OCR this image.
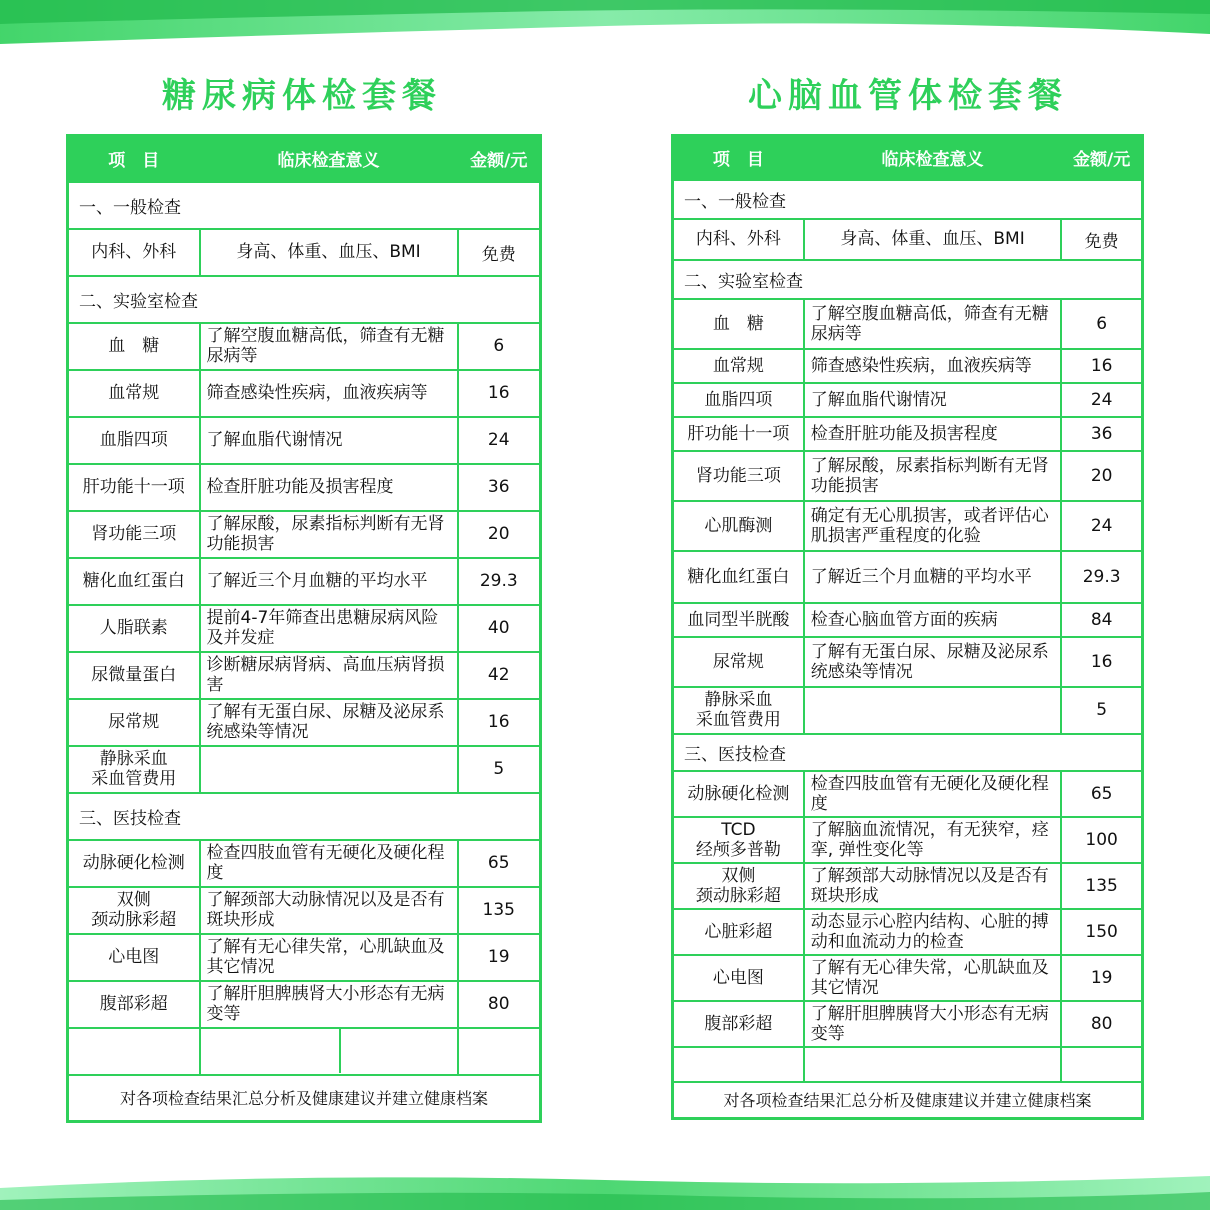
糖尿病体检套餐	心脑血管体检套餐
项　目	临床检查意义	金额/元
一、一般检查		
内科、外科	身高、体重、血压、BMI	免费
二、实验室检查		
血　糖	了解空腹血糖高低，筛查有无糖尿病等	6
血常规	筛查感染性疾病，血液疾病等	16
血脂四项	了解血脂代谢情况	24
肝功能十一项	检查肝脏功能及损害程度	36
肾功能三项	了解尿酸，尿素指标判断有无肾功能损害	20
糖化血红蛋白	了解近三个月血糖的平均水平	29.3
人脂联素	提前4-7年筛查出患糖尿病风险及并发症	40
尿微量蛋白	诊断糖尿病肾病、高血压病肾损害	42
尿常规	了解有无蛋白尿、尿糖及泌尿系统感染等情况	16
静脉采血
采血管费用		5
三、医技检查		
动脉硬化检测	检查四肢血管有无硬化及硬化程度	65
双侧
颈动脉彩超	了解颈部大动脉情况以及是否有斑块形成	135
心电图	了解有无心律失常，心肌缺血及其它情况	19
腹部彩超	了解肝胆脾胰肾大小形态有无病变等	80

对各项检查结果汇总分析及健康建议并建立健康档案		
项　目	临床检查意义	金额/元
一、一般检查		
内科、外科	身高、体重、血压、BMI	免费
二、实验室检查		
血　糖	了解空腹血糖高低，筛查有无糖尿病等	6
血常规	筛查感染性疾病，血液疾病等	16
血脂四项	了解血脂代谢情况	24
肝功能十一项	检查肝脏功能及损害程度	36
肾功能三项	了解尿酸，尿素指标判断有无肾功能损害	20
心肌酶测	确定有无心肌损害，或者评估心肌损害严重程度的化验	24
糖化血红蛋白	了解近三个月血糖的平均水平	29.3
血同型半胱酸	检查心脑血管方面的疾病	84
尿常规	了解有无蛋白尿、尿糖及泌尿系统感染等情况	16
静脉采血
采血管费用		5
三、医技检查		
动脉硬化检测	检查四肢血管有无硬化及硬化程度	65
TCD
经颅多普勒	了解脑血流情况，有无狭窄，痉挛, 弹性变化等	100
双侧
颈动脉彩超	了解颈部大动脉情况以及是否有斑块形成	135
心脏彩超	动态显示心腔内结构、心脏的搏动和血流动力的检查	150
心电图	了解有无心律失常，心肌缺血及其它情况	19
腹部彩超	了解肝胆脾胰肾大小形态有无病变等	80

对各项检查结果汇总分析及健康建议并建立健康档案		
